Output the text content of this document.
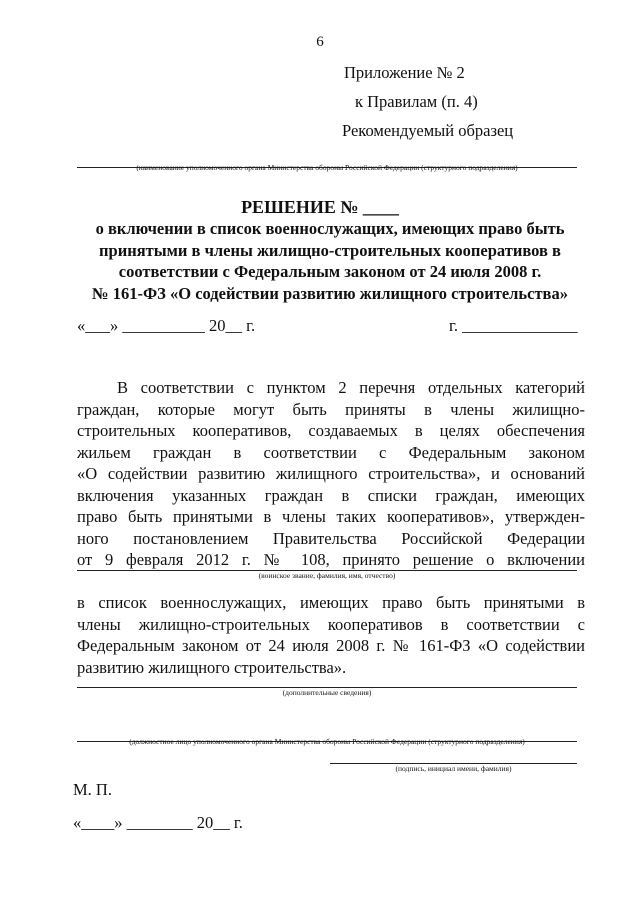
6
Приложение № 2
к Правилам (п. 4)
Рекомендуемый образец
(наименование уполномоченного органа Министерства обороны Российской Федерации (структурного подразделения)
РЕШЕНИЕ № ____
о включении в список военнослужащих, имеющих право быть
принятыми в члены жилищно-строительных кооперативов в
соответствии с Федеральным законом от 24 июля 2008 г.
№ 161-ФЗ «О содействии развитию жилищного строительства»
«___» __________ 20__ г.	г. ______________
В соответствии с пунктом 2 перечня отдельных категорий
граждан, которые могут быть приняты в члены жилищно-
строительных кооперативов, создаваемых в целях обеспечения
жильем граждан в соответствии с Федеральным законом
«О содействии развитию жилищного строительства», и оснований
включения указанных граждан в списки граждан, имеющих
право быть принятыми в члены таких кооперативов», утвержден-
ного постановлением Правительства Российской Федерации
от 9 февраля 2012 г. № 108, принято решение о включении
(воинское звание, фамилия, имя, отчество)
в список военнослужащих, имеющих право быть принятыми в
члены жилищно-строительных кооперативов в соответствии с
Федеральным законом от 24 июля 2008 г. № 161-ФЗ «О содействии
развитию жилищного строительства».
(дополнительные сведения)
(должностное лицо уполномоченного органа Министерства обороны Российской Федерации (структурного подразделения)
(подпись, инициал имени, фамилия)
М. П.
«____» ________ 20__ г.
